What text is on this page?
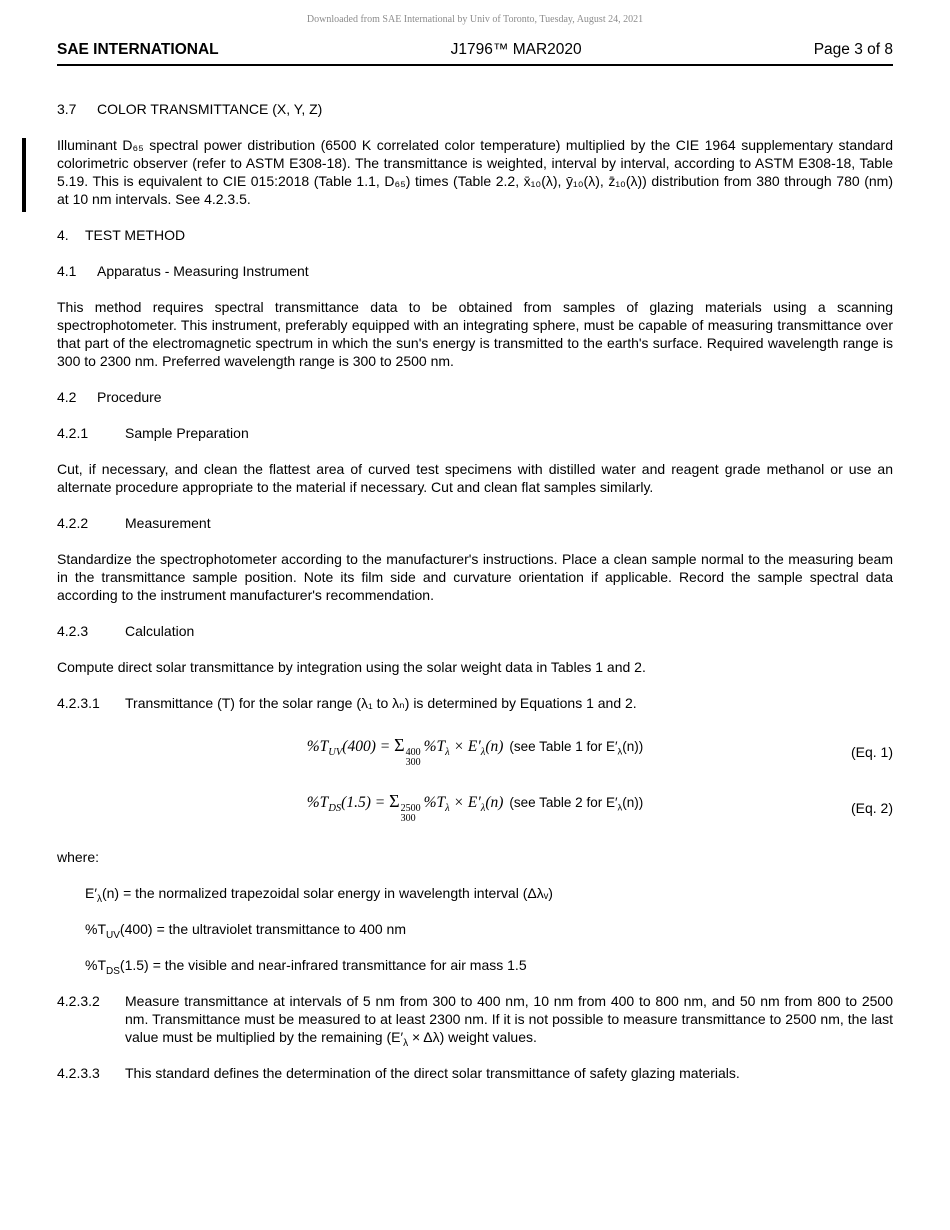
Downloaded from SAE International by Univ of Toronto, Tuesday, August 24, 2021
SAE INTERNATIONAL	J1796™ MAR2020	Page 3 of 8
3.7	COLOR TRANSMITTANCE (X, Y, Z)

Illuminant D₆₅ spectral power distribution (6500 K correlated color temperature) multiplied by the CIE 1964 supplementary standard colorimetric observer (refer to ASTM E308-18). The transmittance is weighted, interval by interval, according to ASTM E308-18, Table 5.19. This is equivalent to CIE 015:2018 (Table 1.1, D₆₅) times (Table 2.2, x̄₁₀(λ), ȳ₁₀(λ), z̄₁₀(λ)) distribution from 380 through 780 (nm) at 10 nm intervals. See 4.2.3.5.

4.	TEST METHOD
4.1	Apparatus - Measuring Instrument

This method requires spectral transmittance data to be obtained from samples of glazing materials using a scanning spectrophotometer. This instrument, preferably equipped with an integrating sphere, must be capable of measuring transmittance over that part of the electromagnetic spectrum in which the sun's energy is transmitted to the earth's surface. Required wavelength range is 300 to 2300 nm. Preferred wavelength range is 300 to 2500 nm.

4.2	Procedure
4.2.1	Sample Preparation

Cut, if necessary, and clean the flattest area of curved test specimens with distilled water and reagent grade methanol or use an alternate procedure appropriate to the material if necessary. Cut and clean flat samples similarly.

4.2.2	Measurement

Standardize the spectrophotometer according to the manufacturer's instructions. Place a clean sample normal to the measuring beam in the transmittance sample position. Note its film side and curvature orientation if applicable. Record the sample spectral data according to the instrument manufacturer's recommendation.

4.2.3	Calculation

Compute direct solar transmittance by integration using the solar weight data in Tables 1 and 2.

4.2.3.1	Transmittance (T) for the solar range (λ₁ to λₙ) is determined by Equations 1 and 2.
$\%T_{UV}(400) = \Sigma$ 400
300
$\%T_\lambda \times E'_\lambda(n)$ (see Table 1 for $E'_\lambda(n)$)	(Eq. 1)
$\%T_{DS}(1.5) = \Sigma$ 2500
300
$\%T_\lambda \times E'_\lambda(n)$ (see Table 2 for $E'_\lambda(n)$)	(Eq. 2)
where:
$E'_\lambda(n)$ = the normalized trapezoidal solar energy in wavelength interval (Δλᵥ)
$\%T_{UV}(400)$ = the ultraviolet transmittance to 400 nm
$\%T_{DS}(1.5)$ = the visible and near-infrared transmittance for air mass 1.5
4.2.3.2	Measure transmittance at intervals of 5 nm from 300 to 400 nm, 10 nm from 400 to 800 nm, and 50 nm from 800 to 2500 nm. Transmittance must be measured to at least 2300 nm. If it is not possible to measure transmittance to 2500 nm, the last value must be multiplied by the remaining $(E'_\lambda \times \Delta\lambda)$ weight values.
4.2.3.3	This standard defines the determination of the direct solar transmittance of safety glazing materials.
